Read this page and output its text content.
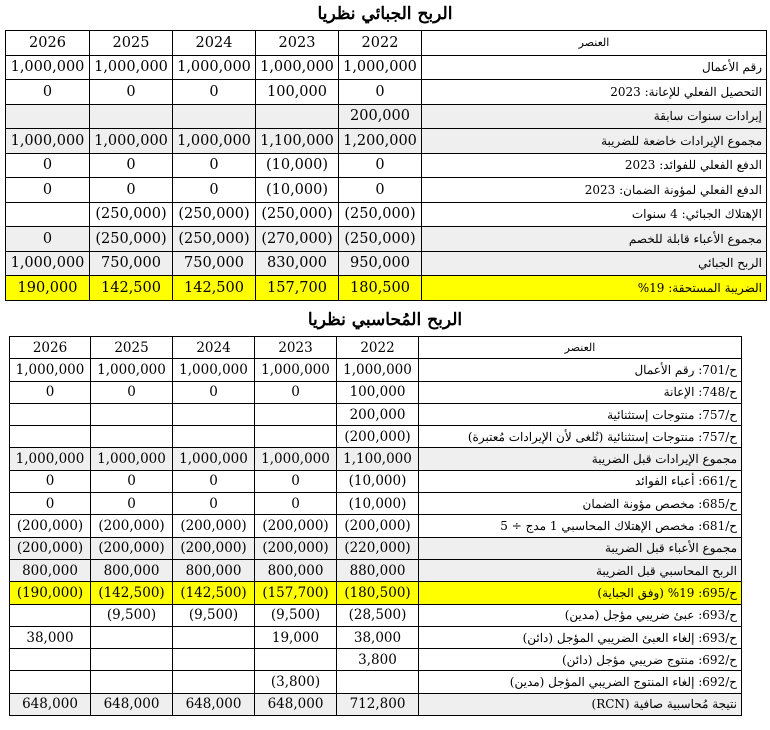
الربح الجبائي نظريا
2026	2025	2024	2023	2022	العنصر
1,000,000	1,000,000	1,000,000	1,000,000	1,000,000	رقم الأعمال
0	0	0	100,000	0	التحصيل الفعلي للإعانة: 2023
				200,000	إيرادات سنوات سابقة
1,000,000	1,000,000	1,000,000	1,100,000	1,200,000	مجموع الإيرادات خاضعة للضريبة
0	0	0	(10,000)	0	الدفع الفعلي للفوائد: 2023
0	0	0	(10,000)	0	الدفع الفعلي لمؤونة الضمان: 2023
	(250,000)	(250,000)	(250,000)	(250,000)	الإهتلاك الجبائي: 4 سنوات
0	(250,000)	(250,000)	(270,000)	(250,000)	مجموع الأعباء قابلة للخصم
1,000,000	750,000	750,000	830,000	950,000	الربح الجبائي
190,000	142,500	142,500	157,700	180,500	الضريبة المستحقة: 19%
الربح المُحاسبي نظريا
2026	2025	2024	2023	2022	العنصر
1,000,000	1,000,000	1,000,000	1,000,000	1,000,000	ح/701: رقم الأعمال
0	0	0	0	100,000	ح/748: الإعانة
				200,000	ح/757: منتوجات إستثنائية
				(200,000)	ح/757: منتوجات إستثنائية (تُلغى لأن الإيرادات مُعتبرة)
1,000,000	1,000,000	1,000,000	1,000,000	1,100,000	مجموع الإيرادات قبل الضريبة
0	0	0	0	(10,000)	ح/661: أعباء الفوائد
0	0	0	0	(10,000)	ح/685: مخصص مؤونة الضمان
(200,000)	(200,000)	(200,000)	(200,000)	(200,000)	ح/681: مخصص الإهتلاك المحاسبي 1 مدج ÷ 5
(200,000)	(200,000)	(200,000)	(200,000)	(220,000)	مجموع الأعباء قبل الضريبة
800,000	800,000	800,000	800,000	880,000	الربح المحاسبي قبل الضريبة
(190,000)	(142,500)	(142,500)	(157,700)	(180,500)	ح/695: 19% (وفق الجباية)
	(9,500)	(9,500)	(9,500)	(28,500)	ح/693: عبئ ضريبي مؤجل (مدين)
38,000			19,000	38,000	ح/693: إلغاء العبئ الضريبي المؤجل (دائن)
				3,800	ح/692: منتوج ضريبي مؤجل (دائن)
			(3,800)		ح/692: إلغاء المنتوج الضريبي المؤجل (مدين)
648,000	648,000	648,000	648,000	712,800	نتيجة مُحاسبية صافية (RCN)
